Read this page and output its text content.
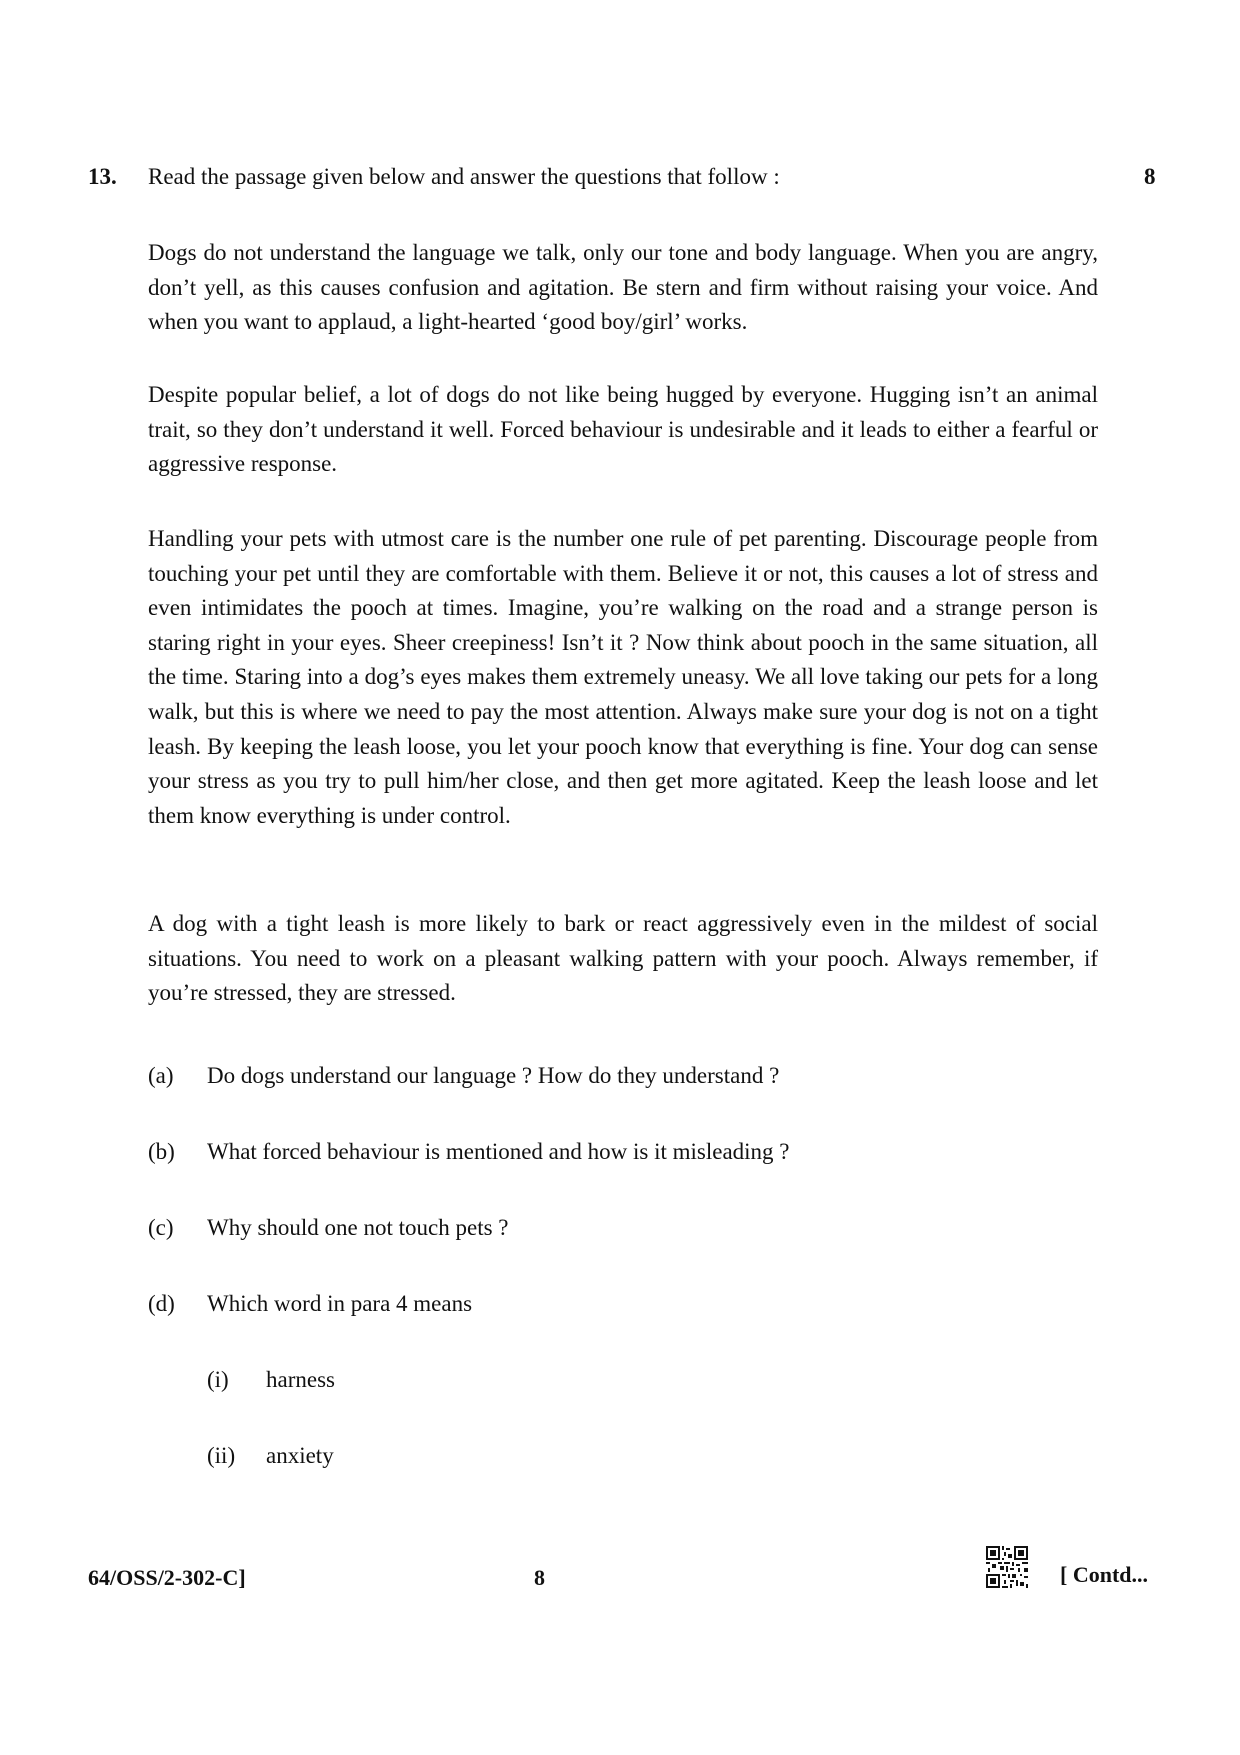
13. Read the passage given below and answer the questions that follow :	8

Dogs do not understand the language we talk, only our tone and body language. When you are angry, don’t yell, as this causes confusion and agitation. Be stern and firm without raising your voice. And when you want to applaud, a light-hearted ‘good boy/girl’ works.

Despite popular belief, a lot of dogs do not like being hugged by everyone. Hugging isn’t an animal trait, so they don’t understand it well. Forced behaviour is undesirable and it leads to either a fearful or aggressive response.

Handling your pets with utmost care is the number one rule of pet parenting. Discourage people from touching your pet until they are comfortable with them. Believe it or not, this causes a lot of stress and even intimidates the pooch at times. Imagine, you’re walking on the road and a strange person is staring right in your eyes. Sheer creepiness! Isn’t it ? Now think about pooch in the same situation, all the time. Staring into a dog’s eyes makes them extremely uneasy. We all love taking our pets for a long walk, but this is where we need to pay the most attention. Always make sure your dog is not on a tight leash. By keeping the leash loose, you let your pooch know that everything is fine. Your dog can sense your stress as you try to pull him/her close, and then get more agitated. Keep the leash loose and let them know everything is under control.

A dog with a tight leash is more likely to bark or react aggressively even in the mildest of social situations. You need to work on a pleasant walking pattern with your pooch. Always remember, if you’re stressed, they are stressed.

(a) Do dogs understand our language ? How do they understand ?
(b) What forced behaviour is mentioned and how is it misleading ?
(c) Why should one not touch pets ?
(d) Which word in para 4 means
(i) harness
(ii) anxiety
64/OSS/2-302-C]	8	[ Contd...
